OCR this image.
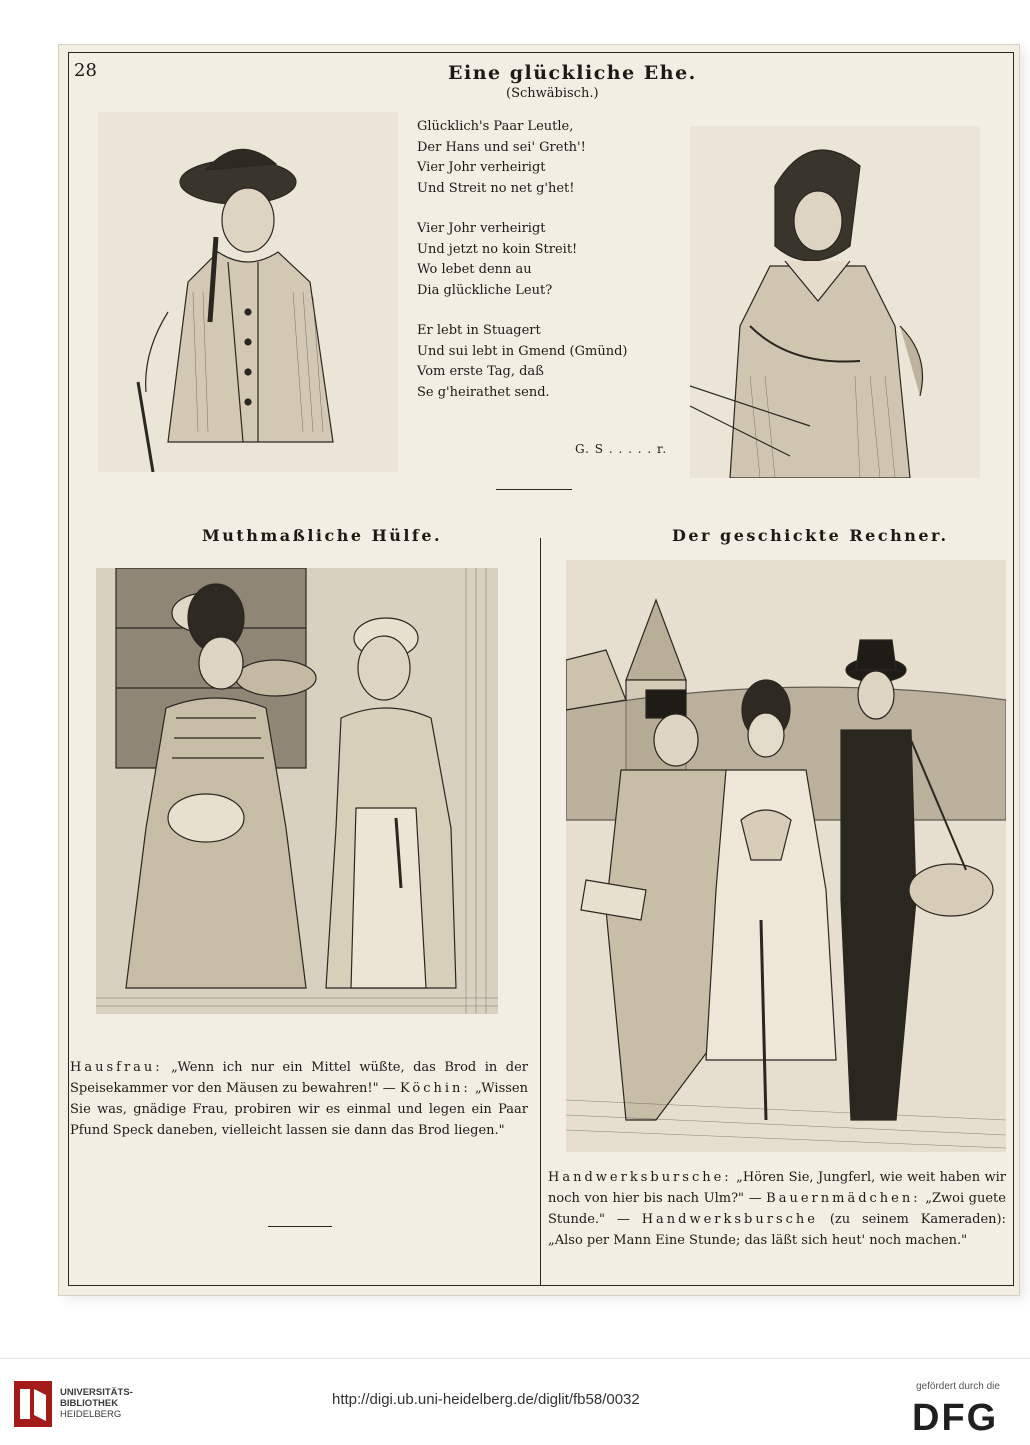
28	Eine glückliche Ehe.
(Schwäbisch.)
Glücklich's Paar Leutle,
Der Hans und sei' Greth'!
Vier Johr verheirigt
Und Streit no net g'het!
Vier Johr verheirigt
Und jetzt no koin Streit!
Wo lebet denn au
Dia glückliche Leut?
Er lebt in Stuagert
Und sui lebt in Gmend (Gmünd)
Vom erste Tag, daß
Se g'heirathet send.
G. S . . . . . r.
Muthmaßliche Hülfe.	Der geschickte Rechner.
Hausfrau: „Wenn ich nur ein Mittel wüßte, das Brod in der Speisekammer vor den Mäusen zu bewahren!" — Köchin: „Wissen Sie was, gnädige Frau, probiren wir es einmal und legen ein Paar Pfund Speck daneben, vielleicht lassen sie dann das Brod liegen."
Handwerksbursche: „Hören Sie, Jungferl, wie weit haben wir noch von hier bis nach Ulm?" — Bauernmädchen: „Zwoi guete Stunde." — Handwerksbursche (zu seinem Kameraden): „Also per Mann Eine Stunde; das läßt sich heut' noch machen."
UNIVERSITÄTS-
BIBLIOTHEK
HEIDELBERG
http://digi.ub.uni-heidelberg.de/diglit/fb58/0032
gefördert durch die
DFG
